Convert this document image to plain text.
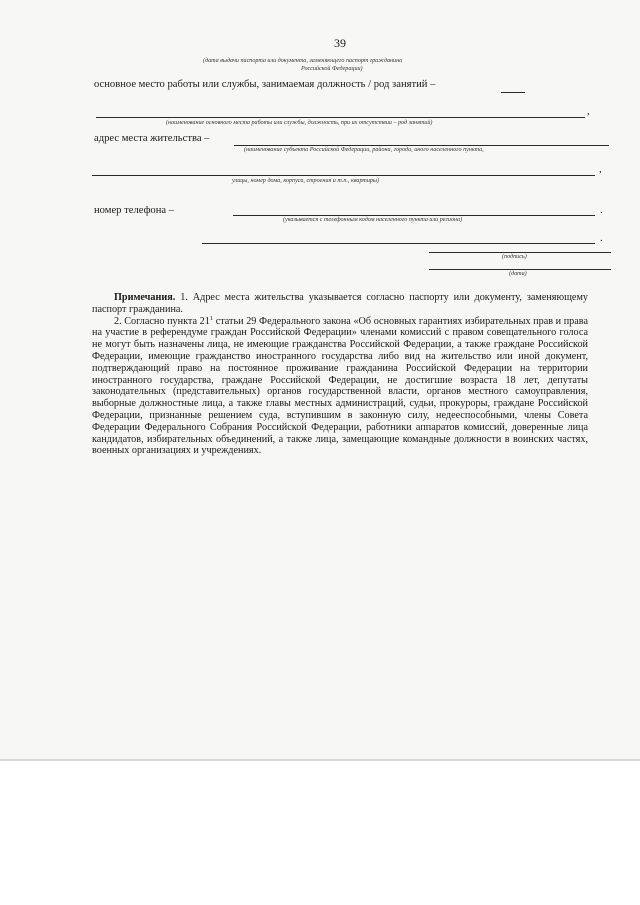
39
(дата выдачи паспорта или документа, заменяющего паспорт гражданина
Российской Федерации)
основное место работы или службы, занимаемая должность / род занятий –
,
(наименование основного места работы или службы, должность, при их отсутствии – род занятий)
адрес места жительства –
(наименование субъекта Российской Федерации, района, города, иного населенного пункта,
,
улицы, номер дома, корпуса, строения и т.п., квартиры)
номер телефона –	.
(указывается с телефонным кодом населенного пункта или региона)
.
(подпись)
(дата)

Примечания. 1. Адрес места жительства указывается согласно паспорту или документу, заменяющему паспорт гражданина.

2. Согласно пункта $21^1$ статьи 29 Федерального закона «Об основных гарантиях избирательных прав и права на участие в референдуме граждан Российской Федерации» членами комиссий с правом совещательного голоса не могут быть назначены лица, не имеющие гражданства Российской Федерации, а также граждане Российской Федерации, имеющие гражданство иностранного государства либо вид на жительство или иной документ, подтверждающий право на постоянное проживание гражданина Российской Федерации на территории иностранного государства, граждане Российской Федерации, не достигшие возраста 18 лет, депутаты законодательных (представительных) органов государственной власти, органов местного самоуправления, выборные должностные лица, а также главы местных администраций, судьи, прокуроры, граждане Российской Федерации, признанные решением суда, вступившим в законную силу, недееспособными, члены Совета Федерации Федерального Собрания Российской Федерации, работники аппаратов комиссий, доверенные лица кандидатов, избирательных объединений, а также лица, замещающие командные должности в воинских частях, военных организациях и учреждениях.
